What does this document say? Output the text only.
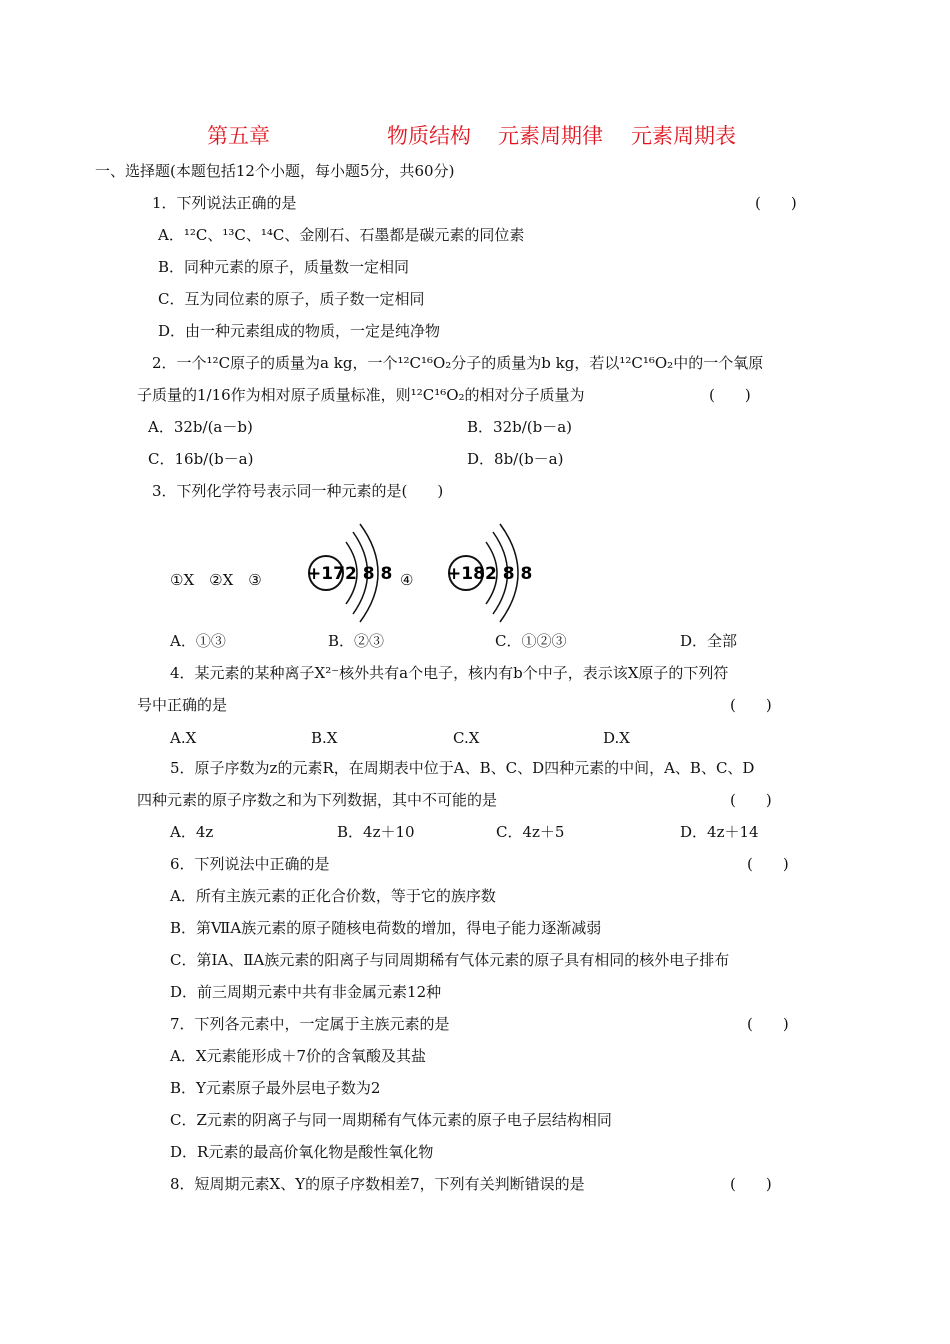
第五章	物质结构 元素周期律 元素周期表
一、选择题(本题包括12个小题，每小题5分，共60分)
1．下列说法正确的是	(　　)
A．¹²C、¹³C、¹⁴C、金刚石、石墨都是碳元素的同位素
B．同种元素的原子，质量数一定相同
C．互为同位素的原子，质子数一定相同
D．由一种元素组成的物质，一定是纯净物
2．一个¹²C原子的质量为a kg，一个¹²C¹⁶O₂分子的质量为b kg，若以¹²C¹⁶O₂中的一个氧原
子质量的1/16作为相对原子质量标准，则¹²C¹⁶O₂的相对分子质量为	(　　)
A．32b/(a－b)	B．32b/(b－a)
C．16b/(b－a)	D．8b/(b－a)
3．下列化学符号表示同一种元素的是(　　)
①X　②X　③	④
+17 2 8 8	+18 2 8 8
A．①③	B．②③	C．①②③	D．全部
4．某元素的某种离子X²⁻核外共有a个电子，核内有b个中子，表示该X原子的下列符
号中正确的是	(　　)
A.X	B.X	C.X	D.X
5．原子序数为z的元素R，在周期表中位于A、B、C、D四种元素的中间，A、B、C、D
四种元素的原子序数之和为下列数据，其中不可能的是	(　　)
A．4z	B．4z＋10	C．4z＋5	D．4z＋14
6．下列说法中正确的是	(　　)
A．所有主族元素的正化合价数，等于它的族序数
B．第ⅦA族元素的原子随核电荷数的增加，得电子能力逐渐减弱
C．第ⅠA、ⅡA族元素的阳离子与同周期稀有气体元素的原子具有相同的核外电子排布
D．前三周期元素中共有非金属元素12种
7．下列各元素中，一定属于主族元素的是	(　　)
A．X元素能形成＋7价的含氧酸及其盐
B．Y元素原子最外层电子数为2
C．Z元素的阴离子与同一周期稀有气体元素的原子电子层结构相同
D．R元素的最高价氧化物是酸性氧化物
8．短周期元素X、Y的原子序数相差7，下列有关判断错误的是	(　　)
